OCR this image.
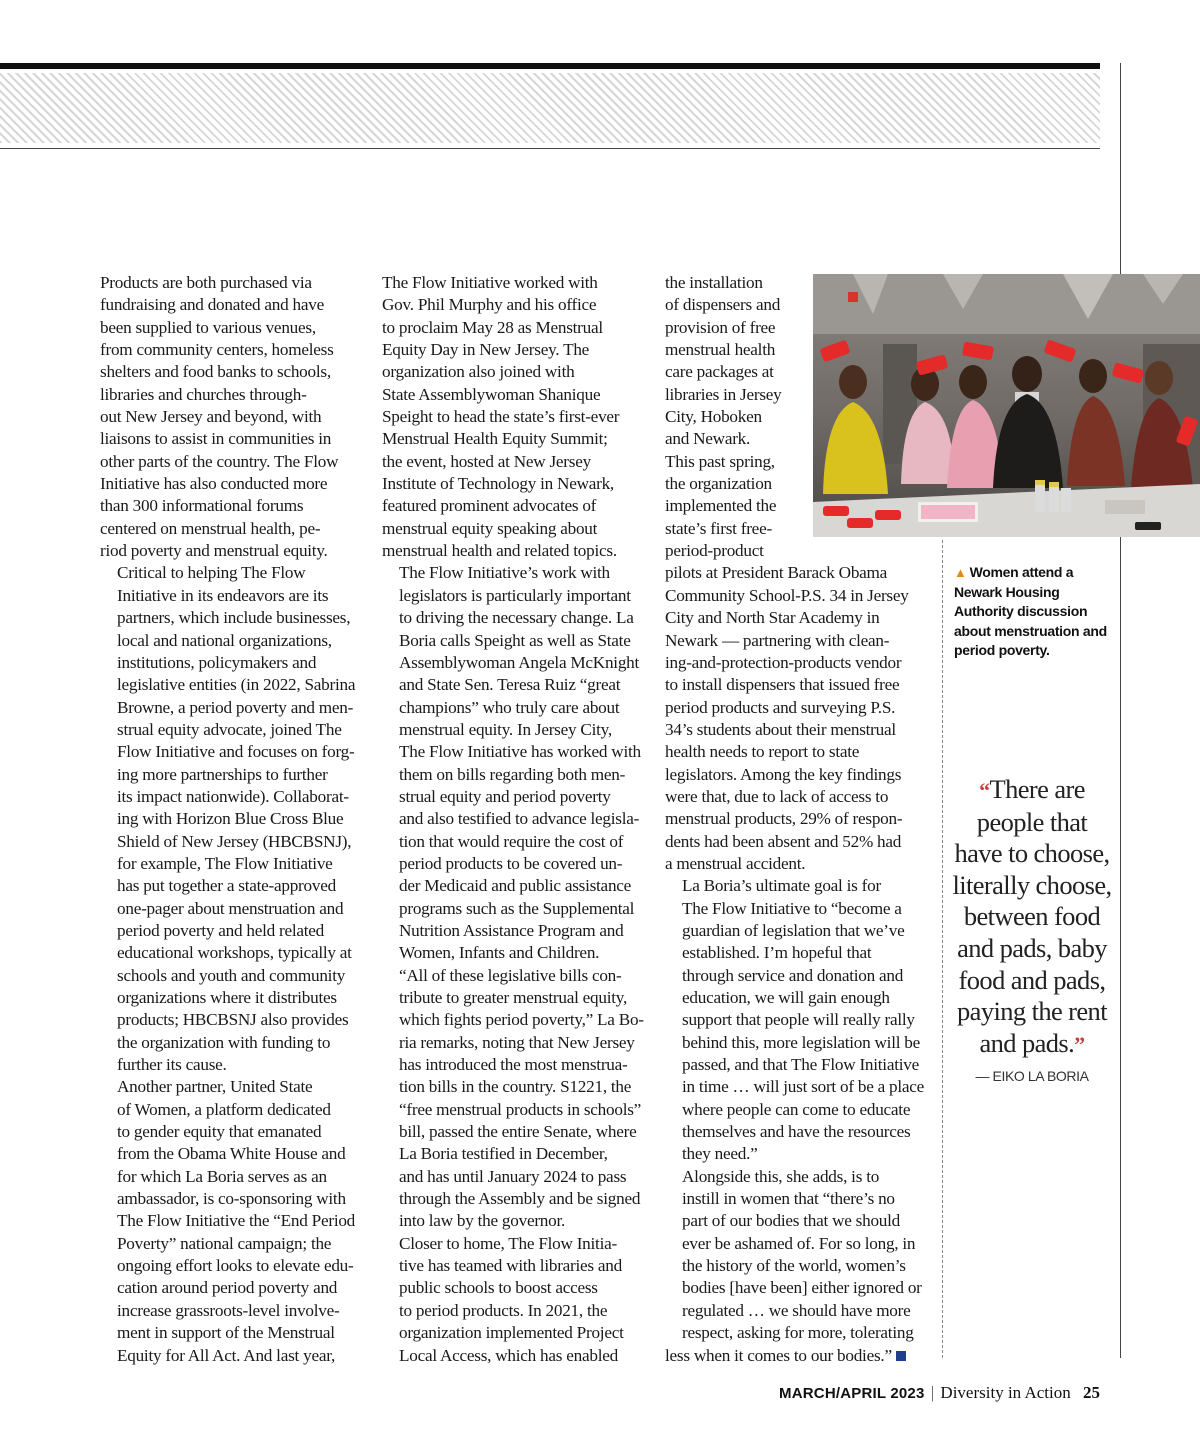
Products are both purchased via
fundraising and donated and have
been supplied to various venues,
from community centers, homeless
shelters and food banks to schools,
libraries and churches through-
out New Jersey and beyond, with
liaisons to assist in communities in
other parts of the country. The Flow
Initiative has also conducted more
than 300 informational forums
centered on menstrual health, pe-
riod poverty and menstrual equity.

Critical to helping The Flow
Initiative in its endeavors are its
partners, which include businesses,
local and national organizations,
institutions, policymakers and
legislative entities (in 2022, Sabrina
Browne, a period poverty and men-
strual equity advocate, joined The
Flow Initiative and focuses on forg-
ing more partnerships to further
its impact nationwide). Collaborat-
ing with Horizon Blue Cross Blue
Shield of New Jersey (HBCBSNJ),
for example, The Flow Initiative
has put together a state-approved
one-pager about menstruation and
period poverty and held related
educational workshops, typically at
schools and youth and community
organizations where it distributes
products; HBCBSNJ also provides
the organization with funding to
further its cause.

Another partner, United State
of Women, a platform dedicated
to gender equity that emanated
from the Obama White House and
for which La Boria serves as an
ambassador, is co-sponsoring with
The Flow Initiative the “End Period
Poverty” national campaign; the
ongoing effort looks to elevate edu-
cation around period poverty and
increase grassroots-level involve-
ment in support of the Menstrual
Equity for All Act. And last year,

The Flow Initiative worked with
Gov. Phil Murphy and his office
to proclaim May 28 as Menstrual
Equity Day in New Jersey. The
organization also joined with
State Assemblywoman Shanique
Speight to head the state’s first-ever
Menstrual Health Equity Summit;
the event, hosted at New Jersey
Institute of Technology in Newark,
featured prominent advocates of
menstrual equity speaking about
menstrual health and related topics.

The Flow Initiative’s work with
legislators is particularly important
to driving the necessary change. La
Boria calls Speight as well as State
Assemblywoman Angela McKnight
and State Sen. Teresa Ruiz “great
champions” who truly care about
menstrual equity. In Jersey City,
The Flow Initiative has worked with
them on bills regarding both men-
strual equity and period poverty
and also testified to advance legisla-
tion that would require the cost of
period products to be covered un-
der Medicaid and public assistance
programs such as the Supplemental
Nutrition Assistance Program and
Women, Infants and Children.

“All of these legislative bills con-
tribute to greater menstrual equity,
which fights period poverty,” La Bo-
ria remarks, noting that New Jersey
has introduced the most menstrua-
tion bills in the country. S1221, the
“free menstrual products in schools”
bill, passed the entire Senate, where
La Boria testified in December,
and has until January 2024 to pass
through the Assembly and be signed
into law by the governor.

Closer to home, The Flow Initia-
tive has teamed with libraries and
public schools to boost access
to period products. In 2021, the
organization implemented Project
Local Access, which has enabled

the installation
of dispensers and
provision of free
menstrual health
care packages at
libraries in Jersey
City, Hoboken
and Newark.
This past spring,
the organization
implemented the
state’s first free-
period-product
pilots at President Barack Obama
Community School-P.S. 34 in Jersey
City and North Star Academy in
Newark — partnering with clean-
ing-and-protection-products vendor
to install dispensers that issued free
period products and surveying P.S.
34’s students about their menstrual
health needs to report to state
legislators. Among the key findings
were that, due to lack of access to
menstrual products, 29% of respon-
dents had been absent and 52% had
a menstrual accident.

La Boria’s ultimate goal is for
The Flow Initiative to “become a
guardian of legislation that we’ve
established. I’m hopeful that
through service and donation and
education, we will gain enough
support that people will really rally
behind this, more legislation will be
passed, and that The Flow Initiative
in time … will just sort of be a place
where people can come to educate
themselves and have the resources
they need.”

Alongside this, she adds, is to
instill in women that “there’s no
part of our bodies that we should
ever be ashamed of. For so long, in
the history of the world, women’s
bodies [have been] either ignored or
regulated … we should have more
respect, asking for more, tolerating
less when it comes to our bodies.”

▲ Women attend a Newark Housing Authority discussion about menstruation and period poverty.
“There are
people that
have to choose,
literally choose,
between food
and pads, baby
food and pads,
paying the rent
and pads.”
— EIKO LA BORIA
MARCH/APRIL 2023 | Diversity in Action 25
